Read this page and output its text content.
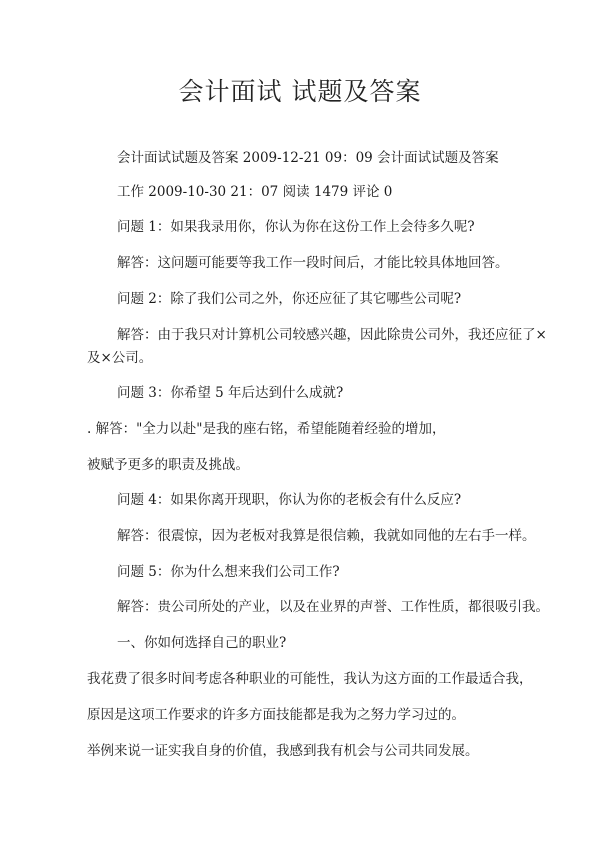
会计面试 试题及答案
会计面试试题及答案 2009-12-21 09：09 会计面试试题及答案
工作 2009-10-30 21：07 阅读 1479 评论 0
问题 1：如果我录用你，你认为你在这份工作上会待多久呢?
解答：这问题可能要等我工作一段时间后，才能比较具体地回答。
问题 2：除了我们公司之外，你还应征了其它哪些公司呢?
解答：由于我只对计算机公司较感兴趣，因此除贵公司外，我还应征了×
及×公司。
问题 3：你希望 5 年后达到什么成就?
. 解答："全力以赴"是我的座右铭，希望能随着经验的增加，
被赋予更多的职责及挑战。
问题 4：如果你离开现职，你认为你的老板会有什么反应?
解答：很震惊，因为老板对我算是很信赖，我就如同他的左右手一样。
问题 5：你为什么想来我们公司工作?
解答：贵公司所处的产业，以及在业界的声誉、工作性质，都很吸引我。
一、你如何选择自己的职业?
我花费了很多时间考虑各种职业的可能性，我认为这方面的工作最适合我，
原因是这项工作要求的许多方面技能都是我为之努力学习过的。
举例来说一证实我自身的价值，我感到我有机会与公司共同发展。
